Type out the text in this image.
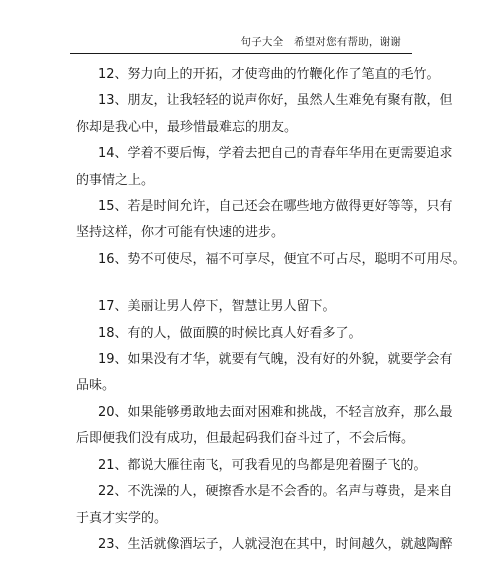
句子大全　希望对您有帮助，谢谢

12、努力向上的开拓，才使弯曲的竹鞭化作了笔直的毛竹。

13、朋友，让我轻轻的说声你好，虽然人生难免有聚有散，但
你却是我心中，最珍惜最难忘的朋友。

14、学着不要后悔，学着去把自己的青春年华用在更需要追求
的事情之上。

15、若是时间允许，自己还会在哪些地方做得更好等等，只有
坚持这样，你才可能有快速的进步。

16、势不可使尽，福不可享尽，便宜不可占尽，聪明不可用尽。

17、美丽让男人停下，智慧让男人留下。

18、有的人，做面膜的时候比真人好看多了。

19、如果没有才华，就要有气魄，没有好的外貌，就要学会有
品味。

20、如果能够勇敢地去面对困难和挑战，不轻言放弃，那么最
后即便我们没有成功，但最起码我们奋斗过了，不会后悔。

21、都说大雁往南飞，可我看见的鸟都是兜着圈子飞的。

22、不洗澡的人，硬擦香水是不会香的。名声与尊贵，是来自
于真才实学的。

23、生活就像酒坛子，人就浸泡在其中，时间越久，就越陶醉
